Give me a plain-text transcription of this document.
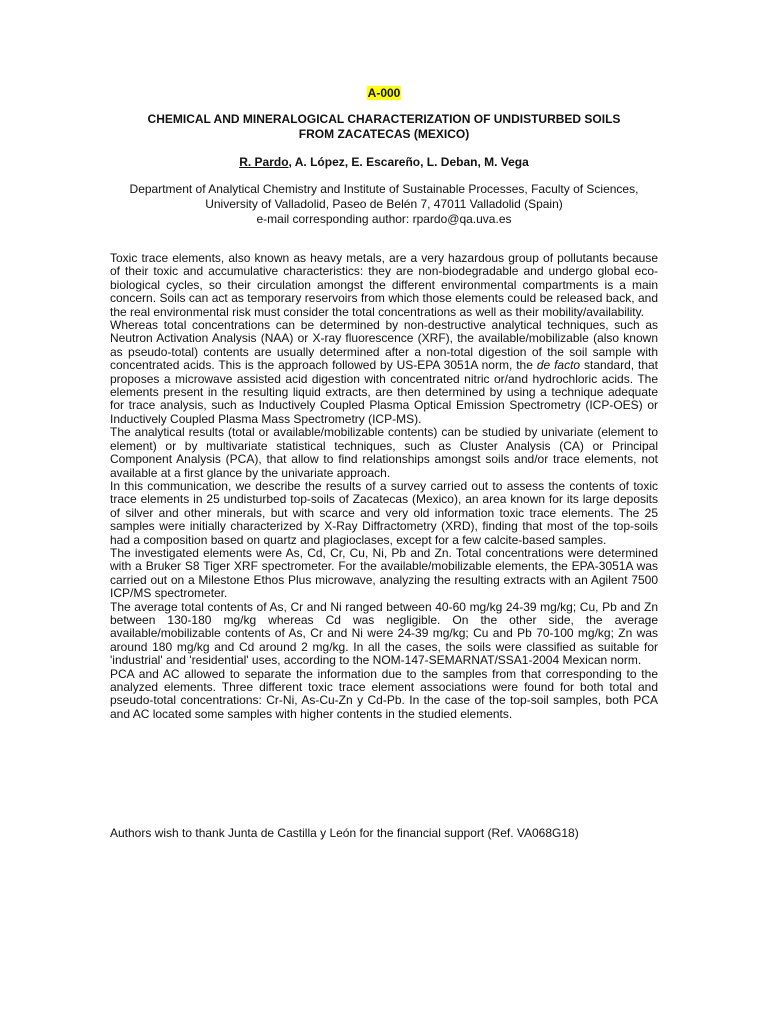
A-000
CHEMICAL AND MINERALOGICAL CHARACTERIZATION OF UNDISTURBED SOILS
FROM ZACATECAS (MEXICO)
R. Pardo, A. López, E. Escareño, L. Deban, M. Vega
Department of Analytical Chemistry and Institute of Sustainable Processes, Faculty of Sciences,
University of Valladolid, Paseo de Belén 7, 47011 Valladolid (Spain)
e-mail corresponding author: rpardo@qa.uva.es

Toxic trace elements, also known as heavy metals, are a very hazardous group of pollutants because of their toxic and accumulative characteristics: they are non-biodegradable and undergo global eco-biological cycles, so their circulation amongst the different environmental compartments is a main concern. Soils can act as temporary reservoirs from which those elements could be released back, and the real environmental risk must consider the total concentrations as well as their mobility/availability.

Whereas total concentrations can be determined by non-destructive analytical techniques, such as Neutron Activation Analysis (NAA) or X-ray fluorescence (XRF), the available/mobilizable (also known as pseudo-total) contents are usually determined after a non-total digestion of the soil sample with concentrated acids. This is the approach followed by US-EPA 3051A norm, the de facto standard, that proposes a microwave assisted acid digestion with concentrated nitric or/and hydrochloric acids. The elements present in the resulting liquid extracts, are then determined by using a technique adequate for trace analysis, such as Inductively Coupled Plasma Optical Emission Spectrometry (ICP-OES) or Inductively Coupled Plasma Mass Spectrometry (ICP-MS).

The analytical results (total or available/mobilizable contents) can be studied by univariate (element to element) or by multivariate statistical techniques, such as Cluster Analysis (CA) or Principal Component Analysis (PCA), that allow to find relationships amongst soils and/or trace elements, not available at a first glance by the univariate approach.

In this communication, we describe the results of a survey carried out to assess the contents of toxic trace elements in 25 undisturbed top-soils of Zacatecas (Mexico), an area known for its large deposits of silver and other minerals, but with scarce and very old information toxic trace elements. The 25 samples were initially characterized by X-Ray Diffractometry (XRD), finding that most of the top-soils had a composition based on quartz and plagioclases, except for a few calcite-based samples.

The investigated elements were As, Cd, Cr, Cu, Ni, Pb and Zn. Total concentrations were determined with a Bruker S8 Tiger XRF spectrometer. For the available/mobilizable elements, the EPA-3051A was carried out on a Milestone Ethos Plus microwave, analyzing the resulting extracts with an Agilent 7500 ICP/MS spectrometer.

The average total contents of As, Cr and Ni ranged between 40-60 mg/kg 24-39 mg/kg; Cu, Pb and Zn between 130-180 mg/kg whereas Cd was negligible. On the other side, the average available/mobilizable contents of As, Cr and Ni were 24-39 mg/kg; Cu and Pb 70-100 mg/kg; Zn was around 180 mg/kg and Cd around 2 mg/kg. In all the cases, the soils were classified as suitable for 'industrial' and 'residential' uses, according to the NOM-147-SEMARNAT/SSA1-2004 Mexican norm.

PCA and AC allowed to separate the information due to the samples from that corresponding to the analyzed elements. Three different toxic trace element associations were found for both total and pseudo-total concentrations: Cr-Ni, As-Cu-Zn y Cd-Pb. In the case of the top-soil samples, both PCA and AC located some samples with higher contents in the studied elements.

Authors wish to thank Junta de Castilla y León for the financial support (Ref. VA068G18)
